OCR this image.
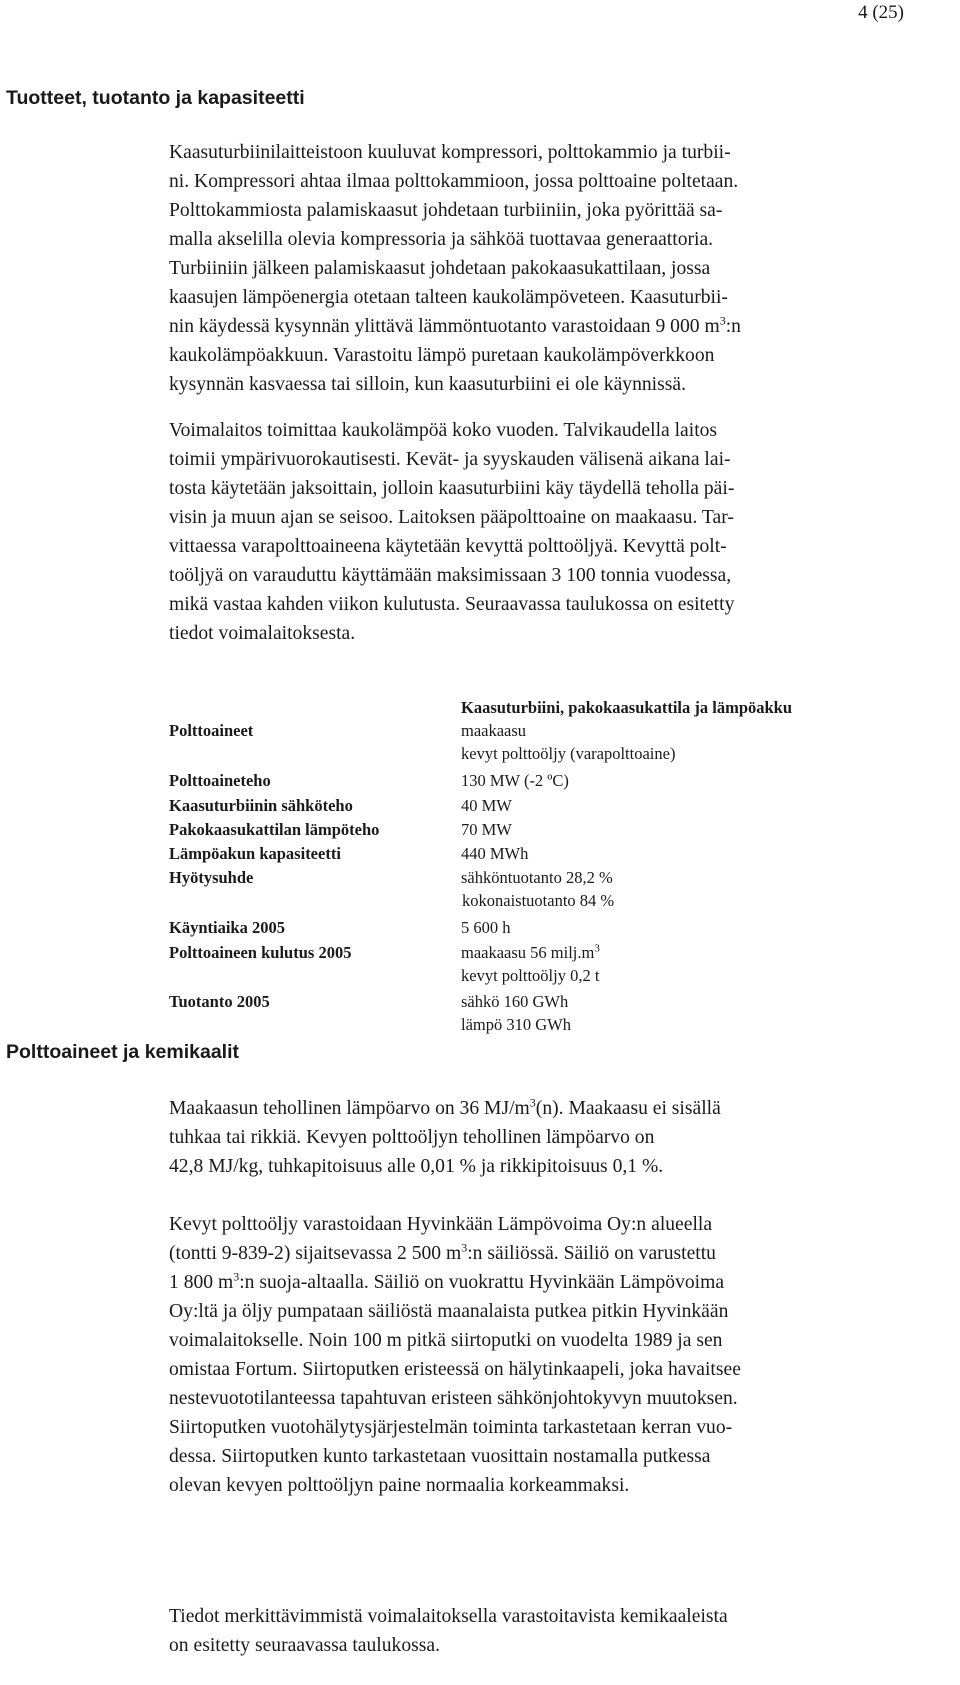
4 (25)
Tuotteet, tuotanto ja kapasiteetti
Kaasuturbiinilaitteistoon kuuluvat kompressori, polttokammio ja turbii-
ni. Kompressori ahtaa ilmaa polttokammioon, jossa polttoaine poltetaan.
Polttokammiosta palamiskaasut johdetaan turbiiniin, joka pyörittää sa-
malla akselilla olevia kompressoria ja sähköä tuottavaa generaattoria.
Turbiiniin jälkeen palamiskaasut johdetaan pakokaasukattilaan, jossa
kaasujen lämpöenergia otetaan talteen kaukolämpöveteen. Kaasuturbii-
nin käydessä kysynnän ylittävä lämmöntuotanto varastoidaan 9 000 $m^3:n$
kaukolämpöakkuun. Varastoitu lämpö puretaan kaukolämpöverkkoon
kysynnän kasvaessa tai silloin, kun kaasuturbiini ei ole käynnissä.
Voimalaitos toimittaa kaukolämpöä koko vuoden. Talvikaudella laitos
toimii ympärivuorokautisesti. Kevät- ja syyskauden välisenä aikana lai-
tosta käytetään jaksoittain, jolloin kaasuturbiini käy täydellä teholla päi-
visin ja muun ajan se seisoo. Laitoksen pääpolttoaine on maakaasu. Tar-
vittaessa varapolttoaineena käytetään kevyttä polttoöljyä. Kevyttä polt-
toöljyä on varauduttu käyttämään maksimissaan 3 100 tonnia vuodessa,
mikä vastaa kahden viikon kulutusta. Seuraavassa taulukossa on esitetty
tiedot voimalaitoksesta.
Kaasuturbiini, pakokaasukattila ja lämpöakku
Polttoaineet	maakaasu
kevyt polttoöljy (varapolttoaine)
Polttoaineteho	130 MW (-2 ºC)
Kaasuturbiinin sähköteho	40 MW
Pakokaasukattilan lämpöteho	70 MW
Lämpöakun kapasiteetti	440 MWh
Hyötysuhde	sähköntuotanto 28,2 %
kokonaistuotanto 84 %
Käyntiaika 2005	5 600 h
Polttoaineen kulutus 2005	maakaasu 56 $milj.m^3$
kevyt polttoöljy 0,2 t
Tuotanto 2005	sähkö 160 GWh
lämpö 310 GWh
Polttoaineet ja kemikaalit
Maakaasun tehollinen lämpöarvo on 36 $MJ/m^3(n)$. Maakaasu ei sisällä
tuhkaa tai rikkiä. Kevyen polttoöljyn tehollinen lämpöarvo on
42,8 MJ/kg, tuhkapitoisuus alle 0,01 % ja rikkipitoisuus 0,1 %.
Kevyt polttoöljy varastoidaan Hyvinkään Lämpövoima Oy:n alueella
(tontti 9-839-2) sijaitsevassa 2 500 $m^3:n$ säiliössä. Säiliö on varustettu
1 800 $m^3:n$ suoja-altaalla. Säiliö on vuokrattu Hyvinkään Lämpövoima
Oy:ltä ja öljy pumpataan säiliöstä maanalaista putkea pitkin Hyvinkään
voimalaitokselle. Noin 100 m pitkä siirtoputki on vuodelta 1989 ja sen
omistaa Fortum. Siirtoputken eristeessä on hälytinkaapeli, joka havaitsee
nestevuototilanteessa tapahtuvan eristeen sähkönjohtokyvyn muutoksen.
Siirtoputken vuotohälytysjärjestelmän toiminta tarkastetaan kerran vuo-
dessa. Siirtoputken kunto tarkastetaan vuosittain nostamalla putkessa
olevan kevyen polttoöljyn paine normaalia korkeammaksi.
Tiedot merkittävimmistä voimalaitoksella varastoitavista kemikaaleista
on esitetty seuraavassa taulukossa.
